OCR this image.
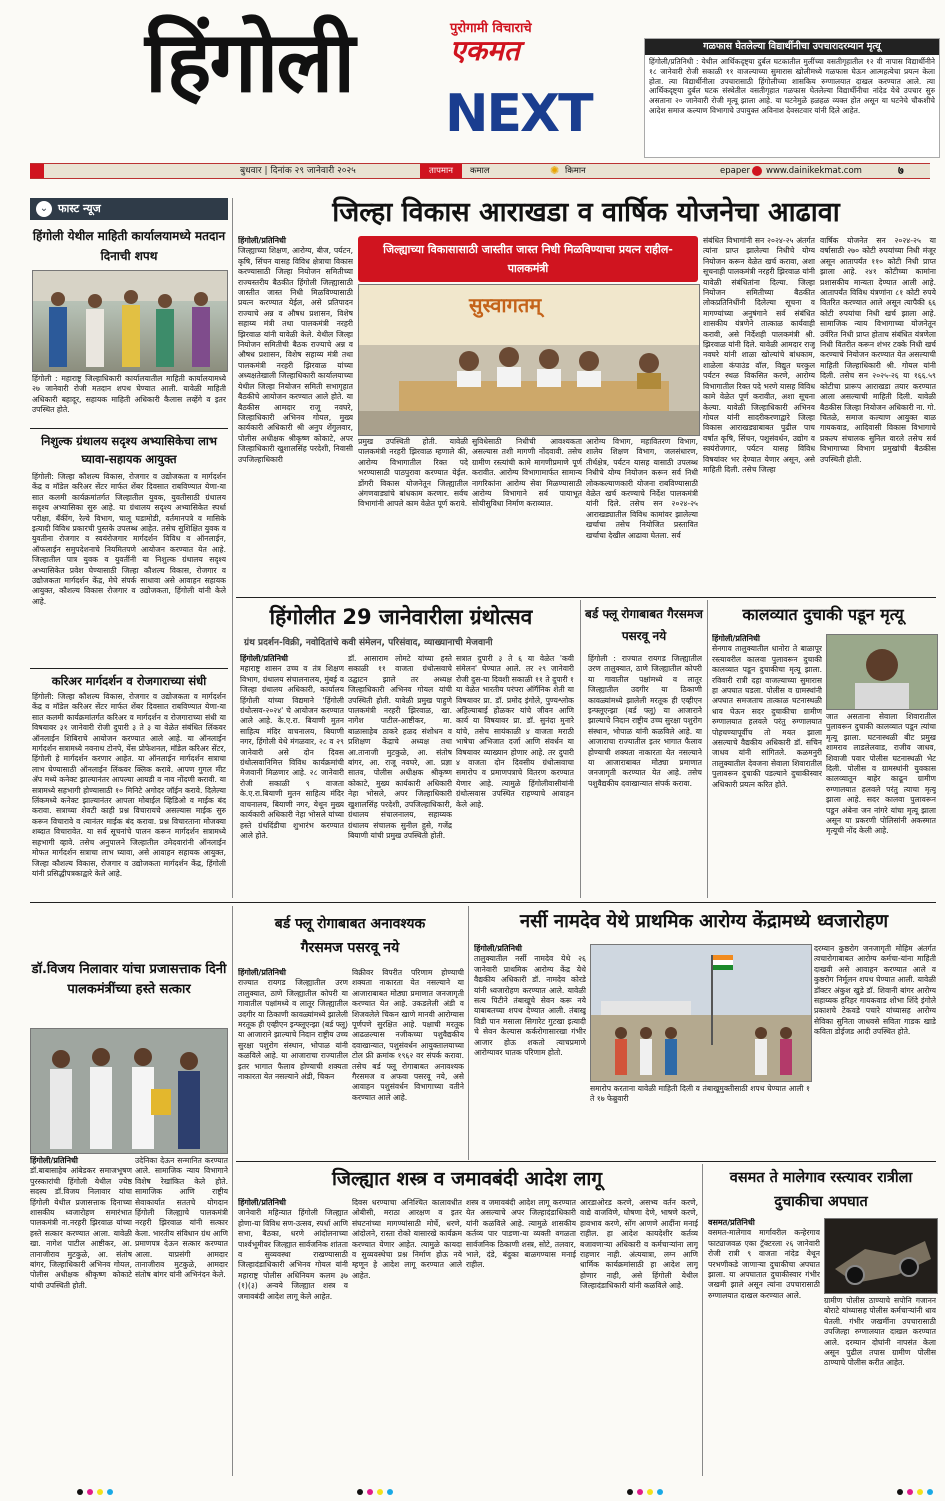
हिंगोली	पुरोगामी विचाराचे
एकमत
NEXT
गळफास घेतलेल्या विद्यार्थीनीचा उपचारादरम्यान मृत्यू
हिंगोली/प्रतिनिधी : येथील आर्थिकदृष्ट्या दुर्बल घटकातील मुलींच्या वसतीगृहातील १२ वी नापास विद्यार्थीनीने १८ जानेवारी रोजी सकाळी ११ वाजल्याच्या सुमारास खोलीमध्ये गळफास घेऊन आत्महत्येचा प्रयत्न केला होता. त्या विद्यार्थीनीला उपचारासाठी हिंगोलीच्या शासकिय रुग्णालयात दाखल करण्यात आले. त्या आर्थिकदृष्ट्या दुर्बल घटक संस्थेतील वसतीगृहात गळफास घेतलेल्या विद्यार्थीनीचा नांदेड येथे उपचार सुरु असताना २० जानेवारी रोजी मृत्यू झाला आहे. या घटनेमुळे हळहळ व्यक्त होत असून या घटनेचे चौकशीचे आदेश समाज कल्याण विभागाचे उपायुक्त अविनाश देवसटवार यांनी दिले आहेत.
बुधवार | दिनांक २९ जानेवारी २०२५	तापमान	कमाल	✺ किमान	epaper www.dainikekmat.com	७
⌄ फास्ट न्यूज
हिंगोली येथील माहिती कार्यालयामध्ये मतदान दिनाची शपथ
हिंगोली : महाराष्ट्र जिल्हाधिकारी कार्यालयातील माहिती कार्यालयामध्ये २७ जानेवारी रोजी मतदान शपथ घेण्यात आली. यावेळी माहिती अधिकारी बहादूर, सहायक माहिती अधिकारी कैलास लव्हेंगे व इतर उपस्थित होते.
निशुल्क ग्रंथालय सदृश्य अभ्यासिकेचा लाभ घ्यावा-सहायक आयुक्त
हिंगोली: जिल्हा कौशल्य विकास, रोजगार व उद्योजकता व मार्गदर्शन केंद्र व मॉडेल करिअर सेंटर मार्फत शेंबर दिवसात राबविण्यात येणा-या सात कलमी कार्यक्रमांतर्गत जिल्हातील युवक, युवतीसाठी ग्रंथालय सदृश्य अभ्यासिका सुरु आहे. या ग्रंथालय सदृश्य अभ्यासिकेत स्पर्धा परीक्षा, बँकींग, रेल्वे विभाग, चालू घडामोडी, वर्तमानपत्रे व मासिके इत्यादी विविध प्रकारची पुस्तके उपलब्ध आहेत. तसेच सुशिक्षित युवक व युवतीना रोजगार व स्वयंरोजगार मार्गदर्शन विविध व ऑनलाईन, ऑफलाईन समुपदेशनाचे नियमितपणे आयोजन करण्यात येत आहे. जिल्हातील पात्र युवक व युवतींनी या निशुल्क ग्रंथालय सदृश्य अभ्यासिकेत प्रवेश घेण्यासाठी जिल्हा कौशल्य विकास, रोजगार व उद्योजकता मार्गदर्शन केंद्र, मेघे संपर्क साधावा असे आवाहन सहायक आयुक्त, कौशल्य विकास रोजगार व उद्योजकता, हिंगोली यांनी केले आहे.
करिअर मार्गदर्शन व रोजगाराच्या संधी
हिंगोली: जिल्हा कौशल्य विकास, रोजगार व उद्योजकता व मार्गदर्शन केंद्र व मॉडेल करिअर सेंटर मार्फत शेंबर दिवसात राबविण्यात येणा-या सात कलमी कार्यक्रमांतर्गत करिअर व मार्गदर्शन व रोजगाराच्या संधी या विषयावर ३१ जानेवारी रोजी दुपारी ३ ते ३ या वेळेत संबंधित लिंकवर ऑनलाईन शिबिराचे आयोजन करण्यात आले आहे. या ऑनलाईन मार्गदर्शन सत्रामध्ये नवनाथ टोनपे, येंस प्रोफेशनल, मॉडेल करिअर सेंटर, हिंगोली हे मार्गदर्शन करणार आहेत. या ऑनलाईन मार्गदर्शन सत्राचा लाभ घेण्यासाठी ऑनलाईन लिंकवर क्लिक करावे. आपण गुगल मीट ॲप मध्ये कनेक्ट झाल्यानंतर आपल्या आयडी व नाव नोंदणी करावी. या सत्रामध्ये सहभागी होण्यासाठी १० मिनिटे अगोदर जॉईन करावे. दिलेल्या लिंकमध्ये कनेक्ट झाल्यानंतर आपला मोबाईल व्हिडिओ व माईक बंद करावा. सत्राच्या शेवटी काही प्रश्न विचारायचे असल्यास माईक सुरु करून विचारावे व त्यानंतर माईक बंद करावा. प्रश्न विचारताना मोजक्या शब्दात विचारावेत. या सर्व सूचनांचे पालन करून मार्गदर्शन सत्रामध्ये सहभागी व्हावे. तसेच अनुपालने जिल्हातील उमेदवारांनी ऑनलाईन मोफत मार्गदर्शन सत्राचा लाभ घ्यावा, असे आवाहन सहायक आयुक्त, जिल्हा कौशल्य विकास, रोजगार व उद्योजकता मार्गदर्शन केंद्र, हिंगोली यांनी प्रसिद्धीपत्रकाद्वारे केले आहे.
जिल्हा विकास आराखडा व वार्षिक योजनेचा आढावा
हिंगोली/प्रतिनिधी
जिल्ह्याच्या शिक्षण, आरोग्य, बीज, पर्यटन, कृषि, सिंचन यासह विविध क्षेत्राचा विकास करण्यासाठी जिल्हा नियोजन समितीच्या राज्यस्तरीय बैठकीत हिंगोली जिल्ह्यासाठी जास्तीत जास्त निधी मिळविण्यासाठी प्रयत्न करण्यात येईल, असे प्रतिपादन राज्याचे अन्न व औषध प्रशासन, विशेष सहाय्य मंत्री तथा पालकमंत्री नरहरी झिरवाळ यांनी यावेळी केले. येथील जिल्हा नियोजन समितीची बैठक राज्याचे अन्न व औषध प्रशासन, विशेष सहाय्य मंत्री तथा पालकमंत्री नरहरी झिरवाळ यांच्या अध्यक्षतेखाली जिल्हाधिकारी कार्यालयाच्या येथील जिल्हा नियोजन समिती सभागृहात बैठकीचे आयोजन करण्यात आले होते. या बैठकीस आमदार राजू नवघरे, जिल्हाधिकारी अभिनव गोयल, मुख्य कार्यकारी अधिकारी श्री अनुप शेंगुलवार, पोलीस अधीक्षक श्रीकृष्ण कोकाटे, अपर जिल्हाधिकारी खुशालसिंह परदेशी, निवासी उपजिल्हाधिकारी
जिल्ह्याच्या विकासासाठी जास्तीत जास्त निधी मिळविण्याचा प्रयत्न राहील- पालकमंत्री
सुस्वागतम्
प्रमुख उपस्थिती होती. यावेळी पालकमंत्री नरहरी झिरवाळ म्हणाले की, आरोग्य विभागातील रिक्त पदे भरण्यासाठी पाठपुरावा करण्यात येईल. डोंगरी विकास योजनेतून जिल्ह्यातील अंगणवाड्यांचे बांधकाम करणार. सर्वच विभागांनी आपले काम वेळेत पूर्ण करावे.
सुविधेसाठी निधीची आवश्यकता असल्यास तशी मागणी नोंदवावी. तसेच ग्रामीण रस्त्यांची कामे मागणीप्रमाणे पूर्ण करावीत. आरोग्य विभागामार्फत सामान्य नागरिकांना आरोग्य सेवा मिळण्यासाठी आरोग्य विभागाने सर्व पायाभूत सोयीसुविधा निर्माण कराव्यात.
आरोग्य विभाग, महावितरण विभाग, शालेय शिक्षण विभाग, जलसंधारण, तीर्थक्षेत्र, पर्यटन यासह यासाठी उपलब्ध निधीचे योग्य नियोजन करून सर्व निधी लोककल्याणकारी योजना राबविण्यासाठी वेळेत खर्च करण्याचे निर्देश पालकमंत्री यांनी दिले. तसेच सन २०२४-२५ आराखड्यातील विविध कामांवर झालेल्या खर्चाचा तसेच नियोजित प्रस्तावित खर्चाचा देखील आढावा घेतला. सर्व
संबंधित विभागांनी सन २०२४-२५ अंतर्गत त्यांना प्राप्त झालेल्या निधीचे योग्य नियोजन करून वेळेत खर्च करावा, अशा सूचनाही पालकमंत्री नरहरी झिरवाळ यांनी यावेळी संबंधितांना दिल्या. जिल्हा नियोजन समितीच्या बैठकीत लोकप्रतिनिधींनी दिलेल्या सूचना व मागण्यांच्या अनुषंगाने सर्व संबंधित शासकीय यंत्रणेने तात्काळ कार्यवाही करावी, असे निर्देशही पालकमंत्री श्री. झिरवाळ यांनी दिले. यावेळी आमदार राजू नवघरे यांनी शाळा खोल्यांचे बांधकाम, शाळेला कंपाउंड वॉल, विद्युत घरकुल पर्यटन स्थळ विकसित करणे, आरोग्य विभागातील रिक्त पदे भरणे यासह विविध कामे वेळेत पूर्ण करावीत, अशा सूचना केल्या. यावेळी जिल्हाधिकारी अभिनव गोयल यांनी सादरीकरणाद्वारे जिल्हा विकास आराखड्याबाबत पुढील पाच वर्षात कृषि, सिंचन, पशुसंवर्धन, उद्योग व स्वयंरोजगार, पर्यटन यासह विविध विषयांवर भर देण्यात येणार असून, असे माहिती दिली. तसेच जिल्हा
वार्षिक योजनेत सन २०२४-२५ या वर्षासाठी २७० कोटी रुपयांच्या निधी मंजूर असून आतापर्यंत ११० कोटी निधी प्राप्त झाला आहे. २४१ कोटीच्या कामांना प्रशासकीय मान्यता देण्यात आली आहे. आतापर्यंत विविध यंत्रणांना ८१ कोटी रुपये वितरित करण्यात आले असून त्यापैकी ६६ कोटी रुपयांचा निधी खर्च झाला आहे. सामाजिक न्याय विभागाच्या योजनेतून उर्वरित निधी प्राप्त होताच संबंधित यंत्रणेला निधी वितरीत करून शंभर टक्के निधी खर्च करण्याचे नियोजन करण्यात येत असल्याची माहिती जिल्हाधिकारी श्री. गोयल यांनी दिली. तसेच सन २०२५-२६ या १६६.५९ कोटीचा प्रारूप आराखडा तयार करण्यात आला असल्याची माहिती दिली. यावेळी बैठकीस जिल्हा नियोजन अधिकारी ना. गो. चितळे, समाज कल्याण आयुक्त बाळ गायकवाड, आदिवासी विकास विभागाचे प्रकल्प संचालक सुनिल वारले तसेच सर्व विभागाच्या विभाग प्रमुखांची बैठकीस उपस्थिती होती.
हिंगोलीत 29 जानेवारीला ग्रंथोत्सव
ग्रंथ प्रदर्शन-विक्री, नवोदितांचे कवी संमेलन, परिसंवाद, व्याख्यानाची मेजवानी
हिंगोली/प्रतिनिधी
महाराष्ट्र शासन उच्च व तंत्र शिक्षण विभाग, ग्रंथालय संचालनालय, मुंबई व जिल्हा ग्रंथालय अधिकारी, कार्यालय हिंगोली यांच्या विद्यमाने 'हिंगोली ग्रंथोत्सव-२०२४' चे आयोजन करण्यात आले आहे. के.ए.रा. बियाणी मुतन साहित्य मंदिर वाचनालय, बियाणी नगर, हिंगोली येथे मंगळवार, २८ व २९ जानेवारी असे दोन दिवस ग्रंथोत्सवानिमित्त विविध कार्यक्रमांची मेजवानी मिळणार आहे. २८ जानेवारी रोजी सकाळी ९ वाजता के.ए.रा.बियाणी मुतन साहित्य मंदिर वाचनालय, बियाणी नगर, येथून मुख्य कार्यकारी अधिकारी नेहा भोसले यांच्या हस्ते ग्रंथदिंडीचा शुभारंभ करण्यात आले होते.
डॉ. आसाराम लोमटे यांच्या हस्ते सकाळी ११ वाजता ग्रंथोत्सवाचे उद्घाटन झाले तर अध्यक्ष जिल्हाधिकारी अभिनव गोयल यांची उपस्थिती होती. यावेळी प्रमुख पाहुणे पालकमंत्री नरहरी झिरवाळ, खा. नागेश पाटील-आष्टीकर, मा. बाळासाहेब ठाकरे हळद संशोधन व प्रशिक्षण केंद्राचे अध्यक्ष तथा आ.तानाजी मुटकुळे, आ. संतोष बांगर, आ. राजू नवघरे, आ. प्रज्ञा सातव, पोलीस अधीक्षक श्रीकृष्ण कोकाटे, मुख्य कार्यकारी अधिकारी नेहा भोसले, अपर जिल्हाधिकारी खुशालसिंह परदेशी, उपजिल्हाधिकारी, ग्रंथालय संचालनालय, सहाय्यक ग्रंथालय संचालक सुनील हुसे, गजेंद्र बियाणी यांची प्रमुख उपस्थिती होती.
सत्रात दुपारी ३ ते ६ या वेळेत 'कवी संमेलन' घेण्यात आले. तर २९ जानेवारी रोजी दुस-या दिवशी सकाळी ११ ते दुपारी १ या वेळेत भारतीय परंपरा ऑर्गॅनिक शेती या विषयावर प्रा. डॉ. प्रमोद इंगोले, पुण्यश्लोक अहिल्याबाई होळकर यांचे जीवन आणि कार्य या विषयावर प्रा. डॉ. सुनंदा मुनारे यांचे, तसेच सायंकाळी ४ वाजता मराठी भाषेचा अभिजात दर्जा आणि संवर्धन या विषयावर व्याख्यान होणार आहे. तर दुपारी ४ वाजता दोन दिवसीय ग्रंथोत्सवाचा समारोप व प्रमाणपत्राचे वितरण करण्यात येणार आहे. त्यामुळे हिंगोलीवासीयांनी ग्रंथोत्सवास उपस्थित राहण्याचे आवाहन केले आहे.
बर्ड फ्लू रोगाबाबत गैरसमज पसरवू नये
हिंगोली : राज्यात रायगड जिल्ह्यातील उरण तालुक्यात, ठाणे जिल्ह्यातील कोपरी या गावातील पक्षांमध्ये व लातूर जिल्ह्यातील उदगीर या ठिकाणी कावळ्यांमध्ये झालेली मरतूक ही एव्हीएन इन्फ्लूएन्झा (बर्ड फ्लू) या आजाराने झाल्याचे निदान राष्ट्रीय उच्च सुरक्षा पशुरोग संस्थान, भोपाळ यांनी कळविले आहे. या आजाराचा राज्यातील इतर भागात फैलाव होण्याची शक्यता नाकारता येत नसल्याने या आजाराबाबत मोठ्या प्रमाणात जनजागृती करण्यात येत आहे. तसेच पशुवैद्यकीय दवाखान्यात संपर्क करावा.
कालव्यात दुचाकी पडून मृत्यू
हिंगोली/प्रतिनिधी
सेनगाव तालुक्यातील धानोरा ते बाळापूर रस्त्यावरील कालवा पुलावरून दुचाकी कालव्यात पडून दुचाकीचा मृत्यू झाला. रविवारी रात्री दहा वाजल्याच्या सुमारास हा अपघात घडला. पोलीस व ग्रामस्थांनी अपघात समजताच तात्काळ घटनास्थळी धाव घेऊन सदर दुचाकीचा ग्रामीण रुग्णालयात हलवले परंतु रुग्णालयात पोहचण्यापूर्वीच तो मयत झाला असल्याचे वैद्यकीय अधिकारी डॉ. सचिन जाधव यांनी सांगितले. कळमनुरी तालुक्यातील देवजना सेवाला शिवारातील पुलावरून दुचाकी पडल्याने दुचाकीस्वार अधिकारी प्रयत्न करित होते.
जात असताना सेवाला शिवारातील पुलावरून दुचाकी कालव्यात पडून त्यांचा मृत्यू झाला. घटनास्थळी बीट प्रमुख शामराव लाडलेलवाड, राजीव जाधव, शिवाजी पवार पोलीस घटनास्थळी भेट दिली. पोलीस व ग्रामस्थांनी युवकास कालव्यातून बाहेर काढून ग्रामीण रुग्णालयात हलवले परंतु त्याचा मृत्यू झाला आहे. सदर कालवा पुलावरून पडून अंबेना जन नांगरे यांचा मृत्यू झाला असून या प्रकरणी पोलिसांनी अकस्मात मृत्यूची नोंद केली आहे.
डॉ.विजय निलावार यांचा प्रजासत्ताक दिनी पालकमंत्रींच्या हस्ते सत्कार
हिंगोली/प्रतिनिधी
डॉ.बाबासाहेब आंबेडकर समाजभूषण पुरस्कारांची हिंगोली येथील ज्येष्ठ सदस्य डॉ.विजय निलावार यांचा हिंगोली येथील प्रजासत्ताक दिनाच्या शासकीय ध्वजारोहण समारंभात पालकमंत्री ना.नरहरी झिरवाळ यांच्या हस्ते सत्कार करण्यात आला. यावेळी खा. नागेश पाटील आष्टीकर, आ. तानाजीराव मुटकुळे, आ. संतोष बांगर, जिल्हाधिकारी अभिनव गोयल, पोलीस अधीक्षक श्रीकृष्ण कोकाटे यांची उपस्थिती होती.
उदेनिका देऊन सन्मानित करण्यात आले. सामाजिक न्याय विभागाने विशेष रेखांकित केले होते. सामाजिक आणि राष्ट्रीय सेवाकार्यात सततचे योगदान हिंगोली जिल्ह्याचे पालकमंत्री नरहरी झिरवाळ यांनी सत्कार केला. भारतीय संविधान ग्रंथ आणि प्रमाणपत्र देऊन सत्कार करण्यात आला. याप्रसंगी आमदार तानाजीराव मुटकुळे, आमदार संतोष बांगर यांनी अभिनंदन केले.
बर्ड फ्लू रोगाबाबत अनावश्यक
गैरसमज पसरवू नये
हिंगोली/प्रतिनिधी
राज्यात रायगड जिल्ह्यातील उरण तालुक्यात, ठाणे जिल्ह्यातील कोपरी या गावातील पक्षांमध्ये व लातूर जिल्ह्यातील उदगीर या ठिकाणी कावळ्यांमध्ये झालेली मरतूक ही एव्हीएन इन्फ्लूएन्झा (बर्ड फ्लू) या आजाराने झाल्याचे निदान राष्ट्रीय उच्च सुरक्षा पशुरोग संस्थान, भोपाळ यांनी कळविले आहे. या आजाराचा राज्यातील इतर भागात फैलाव होण्याची शक्यता नाकारता येत नसल्याने अंडी, चिकन
विक्रीवर विपरीत परिणाम होण्याची शक्यता नाकारता येत नसल्याने या आजाराबाबत मोठ्या प्रमाणात जनजागृती करण्यात येत आहे. उकडलेली अंडी व शिजवलेले चिकन खाणे मानवी आरोग्यास पूर्णपणे सुरक्षित आहे. पक्षाची मरतूक आढळल्यास नजीकच्या पशुवैद्यकीय दवाखान्यात, पशुसंवर्धन आयुक्तालयाच्या टोल फ्री क्रमांक १९६२ वर संपर्क करावा. तसेच बर्ड फ्लू रोगाबाबत अनावश्यक गैरसमज व अफवा पसरवू नये, असे आवाहन पशुसंवर्धन विभागाच्या वतीने करण्यात आले आहे.
नर्सी नामदेव येथे प्राथमिक आरोग्य केंद्रामध्ये ध्वजारोहण
हिंगोली/प्रतिनिधी
तालुक्यातील नर्सी नामदेव येथे २६ जानेवारी प्राथमिक आरोग्य केंद्र येथे वैद्यकीय अधिकारी डॉ. नामदेव कोरडे यांनी ध्वजारोहण करण्यात आले. यावेळी सत्य पिटीने तंबाखूचे सेवन करू नये याबाबतच्या शपथ देण्यात आली. तंबाखू विडी पान मसाला सिगारेट गुटखा इत्यादी चे सेवन केल्यास कर्करोगासारखा गंभीर आजार होऊ शकतो त्याचप्रमाणे आरोग्यावर घातक परिणाम होतो.
समारोप करताना यावेळी माहिती दिली व तंबाखूमुक्तीसाठी शपथ घेण्यात आली १ ते १७ फेब्रुवारी
दरम्यान कुष्ठरोग जनजागृती मोहिम अंतर्गत त्वचारोगाबाबत आरोग्य कर्मचा-यांना माहिती दाखवी असे आवाहन करण्यात आले व कुष्ठरोग निर्मूलन शपथ घेण्यात आली. यावेळी डॉक्टर अंकुश खुडे डॉ. शिवानी बांगर आरोग्य सहाय्यक हरिहर गायकवाड शोभा शिंदे इंगोले प्रकाशचे टेकवडे पचारे यांच्यासह आरोग्य सेविका सुनिता जाधवसे सविता गाडक खाडे कविता डोईजड आदी उपस्थित होते.
जिल्ह्यात शस्त्र व जमावबंदी आदेश लागू
हिंगोली/प्रतिनिधी
जानेवारी महिन्यात हिंगोली जिल्ह्यात होणा-या विविध सण-उत्सव, स्पर्धा आणि सभा, बैठका, धरणे आंदोलनाच्या पार्श्वभूमीवर जिल्ह्यात सार्वजनिक शांतता व सुव्यवस्था राखण्यासाठी जिल्हादंडाधिकारी अभिनव गोयल यांनी महाराष्ट्र पोलीस अधिनियम कलम ३७ (१)(३) अन्वये जिल्ह्यात शस्त्र व जमावबंदी आदेश लागू केले आहेत.
दिवस धरण्याचा अनिश्चित कालावधीत ओबीसी, मराठा आरक्षण व इतर संघटनांच्या मागण्यांसाठी मोर्चे, धरणे, आंदोलने, रास्ता रोको यासारखे कार्यक्रम करण्यात येणार आहेत. त्यामुळे कायदा व सुव्यवस्थेचा प्रश्न निर्माण होऊ नये म्हणून हे आदेश लागू करण्यात आले आहेत.
शस्त्र व जमावबंदी आदेश लागू करण्यात येत असल्याचे अपर जिल्हादंडाधिकारी यांनी कळविले आहे. त्यामुळे शासकीय कर्तव्य पार पाडणा-या व्यक्ती वगळता सार्वजनिक ठिकाणी शस्त्र, सोटे, तलवार, भाले, दंडे, बंदुका बाळगण्यास मनाई राहील.
आरडाओरड करणे, असभ्य वर्तन करणे, वाद्ये वाजविणे, घोषणा देणे, भाषणे करणे, हावभाव करणे, सोंग आणणे आदींना मनाई राहील. हा आदेश कायदेशीर कर्तव्य बजावणाऱ्या अधिकारी व कर्मचाऱ्यांना लागू राहणार नाही. अंत्ययात्रा, लग्न आणि धार्मिक कार्यक्रमांसाठी हा आदेश लागू होणार नाही, असे हिंगोली येथील जिल्हादंडाधिकारी यांनी कळविले आहे.
वसमत ते मालेगाव रस्त्यावर रात्रीला दुचाकीचा अपघात
वसमत/प्रतिनिधी
वसमत-मालेगाव मार्गावरील कन्हेरगाव फाट्याजवळ एका ट्रॅक्टरला २६ जानेवारी रोजी रात्री ९ वाजता नांदेड येथून परभणीकडे जाणाऱ्या दुचाकीचा अपघात झाला. या अपघातात दुचाकीस्वार गंभीर जखमी झाले असून त्यांना उपचारासाठी रुग्णालयात दाखल करण्यात आले.
ग्रामीण पोलीस ठाण्याचे सपोनि गजानन बोराटे यांच्यासह पोलीस कर्मचाऱ्यांनी धाव घेतली. गंभीर जखमींना उपचारासाठी उपजिल्हा रुग्णालयात दाखल करण्यात आले. दरम्यान दोघांनी नापसंत केला असून पुढील तपास ग्रामीण पोलीस ठाण्याचे पोलीस करीत आहेत.
